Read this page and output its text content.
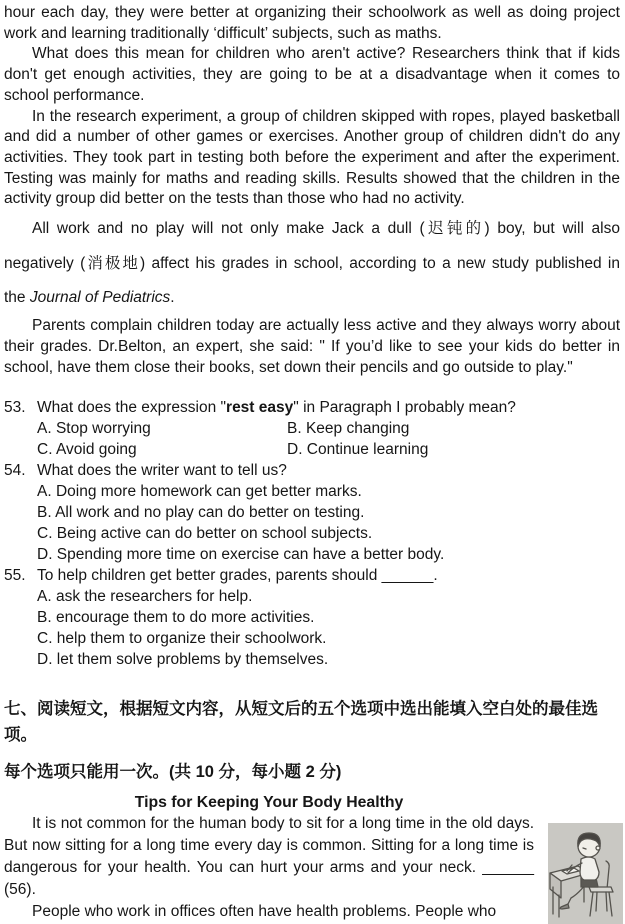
hour each day, they were better at organizing their schoolwork as well as doing project work and learning traditionally ‘difficult’ subjects, such as maths.

What does this mean for children who aren't active? Researchers think that if kids don't get enough activities, they are going to be at a disadvantage when it comes to school performance.

In the research experiment, a group of children skipped with ropes, played basketball and did a number of other games or exercises. Another group of children didn't do any activities. They took part in testing both before the experiment and after the experiment. Testing was mainly for maths and reading skills. Results showed that the children in the activity group did better on the tests than those who had no activity.

All work and no play will not only make Jack a dull (迟钝的) boy, but will also
negatively (消极地) affect his grades in school, according to a new study published in
the Journal of Pediatrics.

Parents complain children today are actually less active and they always worry about their grades. Dr.Belton, an expert, she said: " If you’d like to see your kids do better in school, have them close their books, set down their pencils and go outside to play."

53. What does the expression "rest easy" in Paragraph I probably mean?
A. Stop worrying	B. Keep changing
C. Avoid going	D. Continue learning
54. What does the writer want to tell us?
A. Doing more homework can get better marks.
B. All work and no play can do better on testing.
C. Being active can do better on school subjects.
D. Spending more time on exercise can have a better body.
55. To help children get better grades, parents should ______.
A. ask the researchers for help.
B. encourage them to do more activities.
C. help them to organize their schoolwork.
D. let them solve problems by themselves.
七、阅读短文，根据短文内容，从短文后的五个选项中选出能填入空白处的最佳选项。
每个选项只能用一次。(共 10 分，每小题 2 分)
Tips for Keeping Your Body Healthy

It is not common for the human body to sit for a long time in the old days. But now sitting for a long time every day is common. Sitting for a long time is dangerous for your health. You can hurt your arms and your neck. ______ (56).

People who work in offices often have health problems. People who
